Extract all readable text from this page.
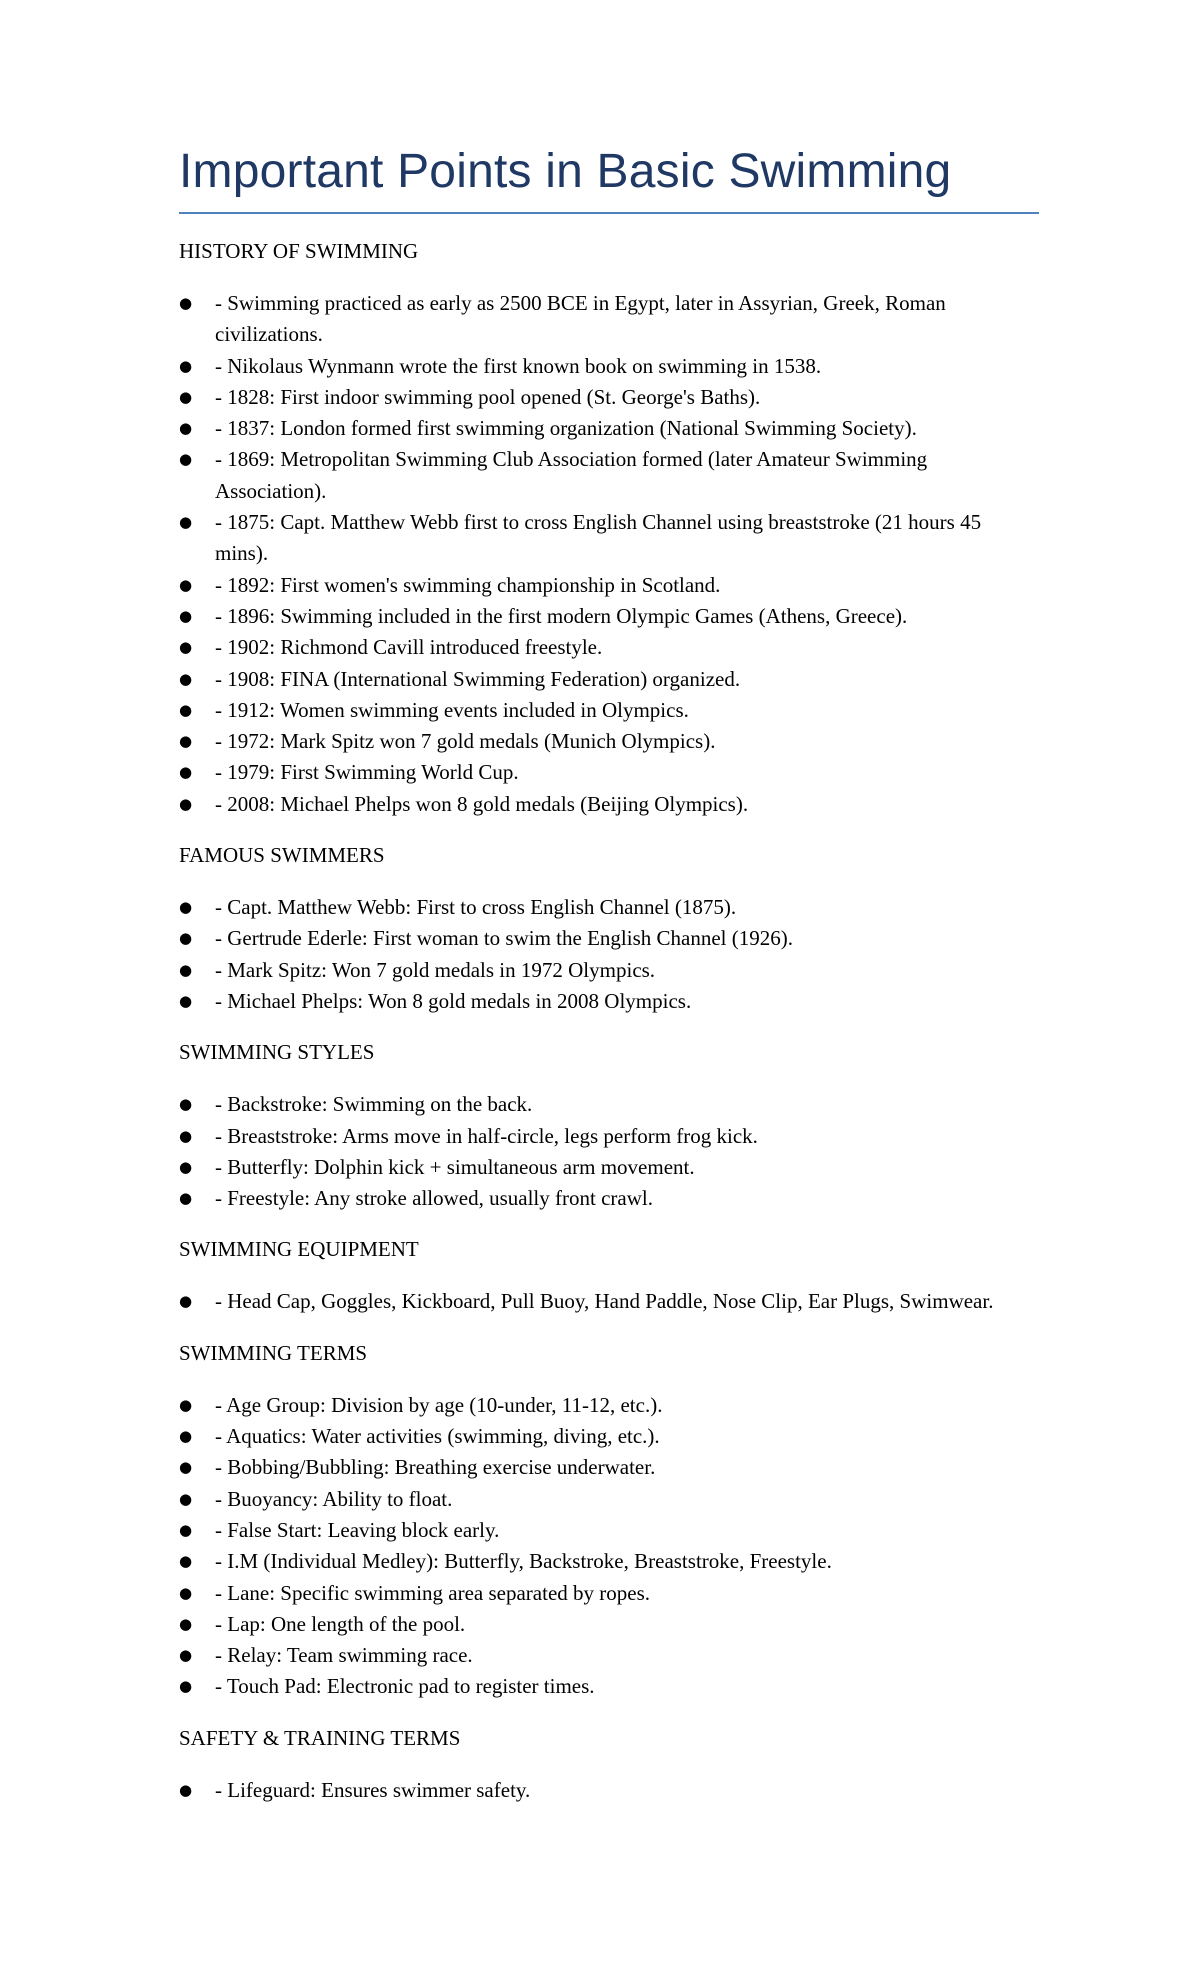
Important Points in Basic Swimming

HISTORY OF SWIMMING

● - Swimming practiced as early as 2500 BCE in Egypt, later in Assyrian, Greek, Roman civilizations.
● - Nikolaus Wynmann wrote the first known book on swimming in 1538.
● - 1828: First indoor swimming pool opened (St. George's Baths).
● - 1837: London formed first swimming organization (National Swimming Society).
● - 1869: Metropolitan Swimming Club Association formed (later Amateur Swimming Association).
● - 1875: Capt. Matthew Webb first to cross English Channel using breaststroke (21 hours 45 mins).
● - 1892: First women's swimming championship in Scotland.
● - 1896: Swimming included in the first modern Olympic Games (Athens, Greece).
● - 1902: Richmond Cavill introduced freestyle.
● - 1908: FINA (International Swimming Federation) organized.
● - 1912: Women swimming events included in Olympics.
● - 1972: Mark Spitz won 7 gold medals (Munich Olympics).
● - 1979: First Swimming World Cup.
● - 2008: Michael Phelps won 8 gold medals (Beijing Olympics).

FAMOUS SWIMMERS

● - Capt. Matthew Webb: First to cross English Channel (1875).
● - Gertrude Ederle: First woman to swim the English Channel (1926).
● - Mark Spitz: Won 7 gold medals in 1972 Olympics.
● - Michael Phelps: Won 8 gold medals in 2008 Olympics.

SWIMMING STYLES

● - Backstroke: Swimming on the back.
● - Breaststroke: Arms move in half-circle, legs perform frog kick.
● - Butterfly: Dolphin kick + simultaneous arm movement.
● - Freestyle: Any stroke allowed, usually front crawl.

SWIMMING EQUIPMENT

● - Head Cap, Goggles, Kickboard, Pull Buoy, Hand Paddle, Nose Clip, Ear Plugs, Swimwear.

SWIMMING TERMS

● - Age Group: Division by age (10-under, 11-12, etc.).
● - Aquatics: Water activities (swimming, diving, etc.).
● - Bobbing/Bubbling: Breathing exercise underwater.
● - Buoyancy: Ability to float.
● - False Start: Leaving block early.
● - I.M (Individual Medley): Butterfly, Backstroke, Breaststroke, Freestyle.
● - Lane: Specific swimming area separated by ropes.
● - Lap: One length of the pool.
● - Relay: Team swimming race.
● - Touch Pad: Electronic pad to register times.

SAFETY & TRAINING TERMS

● - Lifeguard: Ensures swimmer safety.
